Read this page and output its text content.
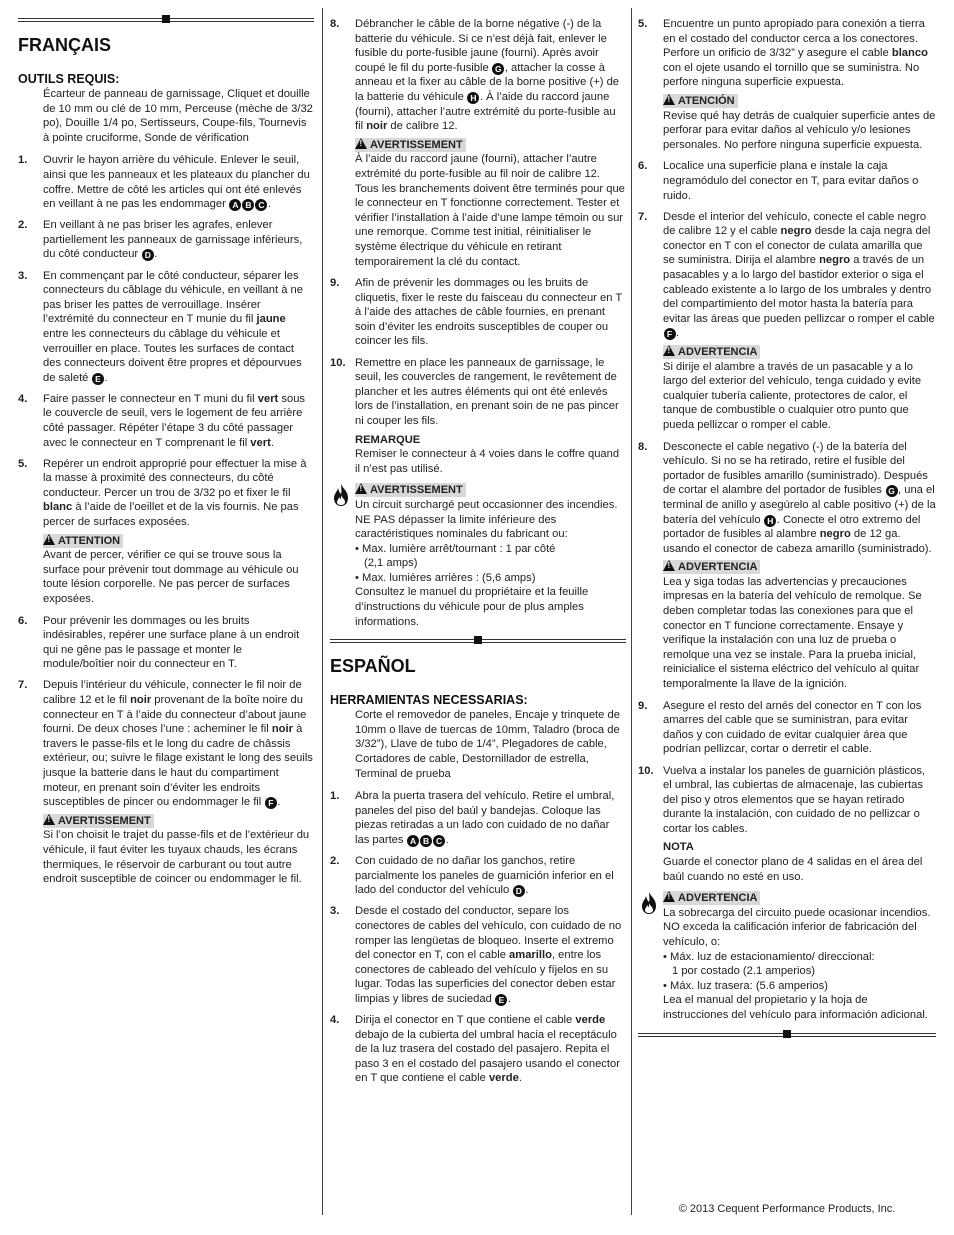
FRANÇAIS
OUTILS REQUIS:
Écarteur de panneau de garnissage, Cliquet et douille de 10 mm ou clé de 10 mm, Perceuse (mèche de 3/32 po), Douille 1/4 po, Sertisseurs, Coupe-fils, Tournevis à pointe cruciforme, Sonde de vérification
1.	Ouvrir le hayon arrière du véhicule. Enlever le seuil, ainsi que les panneaux et les plateaux du plancher du coffre. Mettre de côté les articles qui ont été enlevés en veillant à ne pas les endommager A B C .
2.	En veillant à ne pas briser les agrafes, enlever partiellement les panneaux de garnissage inférieurs, du côté conducteur D .
3.	En commençant par le côté conducteur, séparer les connecteurs du câblage du véhicule, en veillant à ne pas briser les pattes de verrouillage. Insérer l’extrémité du connecteur en T munie du fil jaune entre les connecteurs du câblage du véhicule et verrouiller en place. Toutes les surfaces de contact des connecteurs doivent être propres et dépourvues de saleté E .
4.	Faire passer le connecteur en T muni du fil vert sous le couvercle de seuil, vers le logement de feu arrière côté passager. Répéter l’étape 3 du côté passager avec le connecteur en T comprenant le fil vert.
5.	Repérer un endroit approprié pour effectuer la mise à la masse à proximité des connecteurs, du côté conducteur. Percer un trou de 3/32 po et fixer le fil blanc à l’aide de l’oeillet et de la vis fournis. Ne pas percer de surfaces exposées.
!ATTENTION
Avant de percer, vérifier ce qui se trouve sous la surface pour prévenir tout dommage au véhicule ou toute lésion corporelle. Ne pas percer de surfaces exposées.
6.	Pour prévenir les dommages ou les bruits indésirables, repérer une surface plane à un endroit qui ne gêne pas le passage et monter le module/boîtier noir du connecteur en T.
7.	Depuis l’intérieur du véhicule, connecter le fil noir de calibre 12 et le fil noir provenant de la boîte noire du connecteur en T à l’aide du connecteur d’about jaune fourni. De deux choses l’une : acheminer le fil noir à travers le passe-fils et le long du cadre de châssis extérieur, ou; suivre le filage existant le long des seuils jusque la batterie dans le haut du compartiment moteur, en prenant soin d’éviter les endroits susceptibles de pincer ou endommager le fil F .
!AVERTISSEMENT
Si l’on choisit le trajet du passe-fils et de l’extérieur du véhicule, il faut éviter les tuyaux chauds, les écrans thermiques, le réservoir de carburant ou tout autre endroit susceptible de coincer ou endommager le fil.
8.	Débrancher le câble de la borne négative (-) de la batterie du véhicule. Si ce n’est déjà fait, enlever le fusible du porte-fusible jaune (fourni). Après avoir coupé le fil du porte-fusible G , attacher la cosse à anneau et la fixer au câble de la borne positive (+) de la batterie du véhicule H . À l’aide du raccord jaune (fourni), attacher l’autre extrémité du porte-fusible au fil noir de calibre 12.
!AVERTISSEMENT
À l’aide du raccord jaune (fourni), attacher l’autre extrémité du porte-fusible au fil noir de calibre 12. Tous les branchements doivent être terminés pour que le connecteur en T fonctionne correctement. Tester et vérifier l’installation à l’aide d’une lampe témoin ou sur une remorque. Comme test initial, réinitialiser le système électrique du véhicule en retirant temporairement la clé du contact.
9.	Afin de prévenir les dommages ou les bruits de cliquetis, fixer le reste du faisceau du connecteur en T à l’aide des attaches de câble fournies, en prenant soin d’éviter les endroits susceptibles de couper ou coincer les fils.
10. Remettre en place les panneaux de garnissage, le seuil, les couvercles de rangement, le revêtement de plancher et les autres éléments qui ont été enlevés lors de l’installation, en prenant soin de ne pas pincer ni couper les fils.
REMARQUE
Remiser le connecteur à 4 voies dans le coffre quand il n’est pas utilisé.
!AVERTISSEMENT
Un circuit surchargé peut occasionner des incendies. NE PAS dépasser la limite inférieure des caractéristiques nominales du fabricant ou:
• Max. lumière arrêt/tournant : 1 par côté
(2,1 amps)
• Max. lumières arrières : (5,6 amps)
Consultez le manuel du propriétaire et la feuille d’instructions du véhicule pour de plus amples informations.
ESPAÑOL
HERRAMIENTAS NECESSARIAS:
Corte el removedor de paneles, Encaje y trinquete de 10mm o llave de tuercas de 10mm, Taladro (broca de 3/32”), Llave de tubo de 1/4”, Plegadores de cable, Cortadores de cable, Destornillador de estrella, Terminal de prueba
1.	Abra la puerta trasera del vehículo. Retire el umbral, paneles del piso del baúl y bandejas. Coloque las piezas retiradas a un lado con cuidado de no dañar las partes A B C .
2.	Con cuidado de no dañar los ganchos, retire parcialmente los paneles de guarnición inferior en el lado del conductor del vehículo D .
3.	Desde el costado del conductor, separe los conectores de cables del vehículo, con cuidado de no romper las lengüetas de bloqueo. Inserte el extremo del conector en T, con el cable amarillo, entre los conectores de cableado del vehículo y fíjelos en su lugar. Todas las superficies del conector deben estar limpias y libres de suciedad E .
4.	Dirija el conector en T que contiene el cable verde debajo de la cubierta del umbral hacia el receptáculo de la luz trasera del costado del pasajero. Repita el paso 3 en el costado del pasajero usando el conector en T que contiene el cable verde.
5.	Encuentre un punto apropiado para conexión a tierra en el costado del conductor cerca a los conectores. Perfore un orificio de 3/32” y asegure el cable blanco con el ojete usando el tornillo que se suministra. No perfore ninguna superficie expuesta.
!ATENCIÓN
Revise qué hay detrás de cualquier superficie antes de perforar para evitar daños al vehículo y/o lesiones personales. No perfore ninguna superficie expuesta.
6.	Localice una superficie plana e instale la caja negramódulo del conector en T, para evitar daños o ruido.
7.	Desde el interior del vehículo, conecte el cable negro de calibre 12 y el cable negro desde la caja negra del conector en T con el conector de culata amarilla que se suministra. Dirija el alambre negro a través de un pasacables y a lo largo del bastidor exterior o siga el cableado existente a lo largo de los umbrales y dentro del compartimiento del motor hasta la batería para evitar las áreas que pueden pellizcar o romper el cable F .
!ADVERTENCIA
Si dirije el alambre a través de un pasacable y a lo largo del exterior del vehículo, tenga cuidado y evite cualquier tubería caliente, protectores de calor, el tanque de combustible o cualquier otro punto que pueda pellizcar o romper el cable.
8.	Desconecte el cable negativo (-) de la batería del vehículo. Si no se ha retirado, retire el fusible del portador de fusibles amarillo (suministrado). Después de cortar el alambre del portador de fusibles G , una el terminal de anillo y asegúrelo al cable positivo (+) de la batería del vehículo H . Conecte el otro extremo del portador de fusibles al alambre negro de 12 ga. usando el conector de cabeza amarillo (suministrado).
!ADVERTENCIA
Lea y siga todas las advertencias y precauciones impresas en la batería del vehículo de remolque. Se deben completar todas las conexiones para que el conector en T funcione correctamente. Ensaye y verifique la instalación con una luz de prueba o remolque una vez se instale. Para la prueba inicial, reinicialice el sistema eléctrico del vehículo al quitar temporalmente la llave de la ignición.
9.	Asegure el resto del arnés del conector en T con los amarres del cable que se suministran, para evitar daños y con cuidado de evitar cualquier área que podrían pellizcar, cortar o derretir el cable.
10. Vuelva a instalar los paneles de guarnición plásticos, el umbral, las cubiertas de almacenaje, las cubiertas del piso y otros elementos que se hayan retirado durante la instalación, con cuidado de no pellizcar o cortar los cables.
NOTA
Guarde el conector plano de 4 salidas en el área del baúl cuando no esté en uso.
!ADVERTENCIA
La sobrecarga del circuito puede ocasionar incendios. NO exceda la calificación inferior de fabricación del vehículo, o:
• Máx. luz de estacionamiento/ direccional:
1 por costado (2.1 amperios)
• Máx. luz trasera: (5.6 amperios)
Lea el manual del propietario y la hoja de instrucciones del vehículo para información adicional.
© 2013 Cequent Performance Products, Inc.
